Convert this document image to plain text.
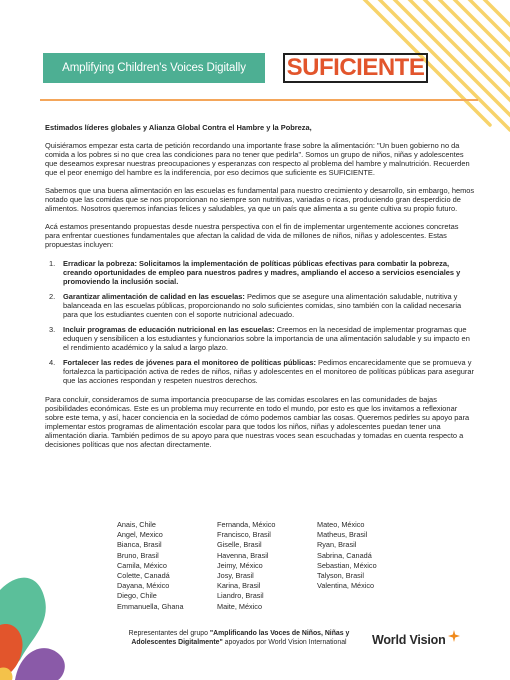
Amplifying Children's Voices Digitally	SUFICIENTE

Estimados líderes globales y Alianza Global Contra el Hambre y la Pobreza,

Quisiéramos empezar esta carta de petición recordando una importante frase sobre la alimentación: "Un buen gobierno no da comida a los pobres si no que crea las condiciones para no tener que pedirla". Somos un grupo de niños, niñas y adolescentes que deseamos expresar nuestras preocupaciones y esperanzas con respecto al problema del hambre y malnutrición. Recuerden que el peor enemigo del hambre es la indiferencia, por eso decimos que suficiente es SUFICIENTE.

Sabemos que una buena alimentación en las escuelas es fundamental para nuestro crecimiento y desarrollo, sin embargo, hemos notado que las comidas que se nos proporcionan no siempre son nutritivas, variadas o ricas, produciendo gran desperdicio de alimentos. Nosotros queremos infancias felices y saludables, ya que un país que alimenta a su gente cultiva su propio futuro.

Acá estamos presentando propuestas desde nuestra perspectiva con el fin de implementar urgentemente acciones concretas para enfrentar cuestiones fundamentales que afectan la calidad de vida de millones de niños, niñas y adolescentes. Estas propuestas incluyen:

1.	Erradicar la pobreza: Solicitamos la implementación de políticas públicas efectivas para combatir la pobreza, creando oportunidades de empleo para nuestros padres y madres, ampliando el acceso a servicios esenciales y promoviendo la inclusión social.
2.	Garantizar alimentación de calidad en las escuelas: Pedimos que se asegure una alimentación saludable, nutritiva y balanceada en las escuelas públicas, proporcionando no solo suficientes comidas, sino también con la calidad necesaria para que los estudiantes cuenten con el soporte nutricional adecuado.
3.	Incluir programas de educación nutricional en las escuelas: Creemos en la necesidad de implementar programas que eduquen y sensibilicen a los estudiantes y funcionarios sobre la importancia de una alimentación saludable y su impacto en el rendimiento académico y la salud a largo plazo.
4.	Fortalecer las redes de jóvenes para el monitoreo de políticas públicas: Pedimos encarecidamente que se promueva y fortalezca la participación activa de redes de niños, niñas y adolescentes en el monitoreo de políticas públicas para asegurar que las acciones respondan y respeten nuestros derechos.

Para concluir, consideramos de suma importancia preocuparse de las comidas escolares en las comunidades de bajas posibilidades económicas. Este es un problema muy recurrente en todo el mundo, por esto es que los invitamos a reflexionar sobre este tema, y así, hacer conciencia en la sociedad de cómo podemos cambiar las cosas. Queremos pedirles su apoyo para implementar estos programas de alimentación escolar para que todos los niños, niñas y adolescentes puedan tener una alimentación diaria. También pedimos de su apoyo para que nuestras voces sean escuchadas y tomadas en cuenta respecto a decisiones políticas que nos afectan directamente.

Anais, Chile
Angel, Mexico
Bianca, Brasil
Bruno, Brasil
Camila, México
Colette, Canadá
Dayana, México
Diego, Chile
Emmanuella, Ghana
Fernanda, México
Francisco, Brasil
Giselle, Brasil
Havenna, Brasil
Jeimy, México
Josy, Brasil
Karina, Brasil
Liandro, Brasil
Maite, México
Mateo, México
Matheus, Brasil
Ryan, Brasil
Sabrina, Canadá
Sebastian, México
Talyson, Brasil
Valentina, México
Representantes del grupo "Amplificando las Voces de Niños, Niñas y Adolescentes Digitalmente" apoyados por World Vision International	World Vision
